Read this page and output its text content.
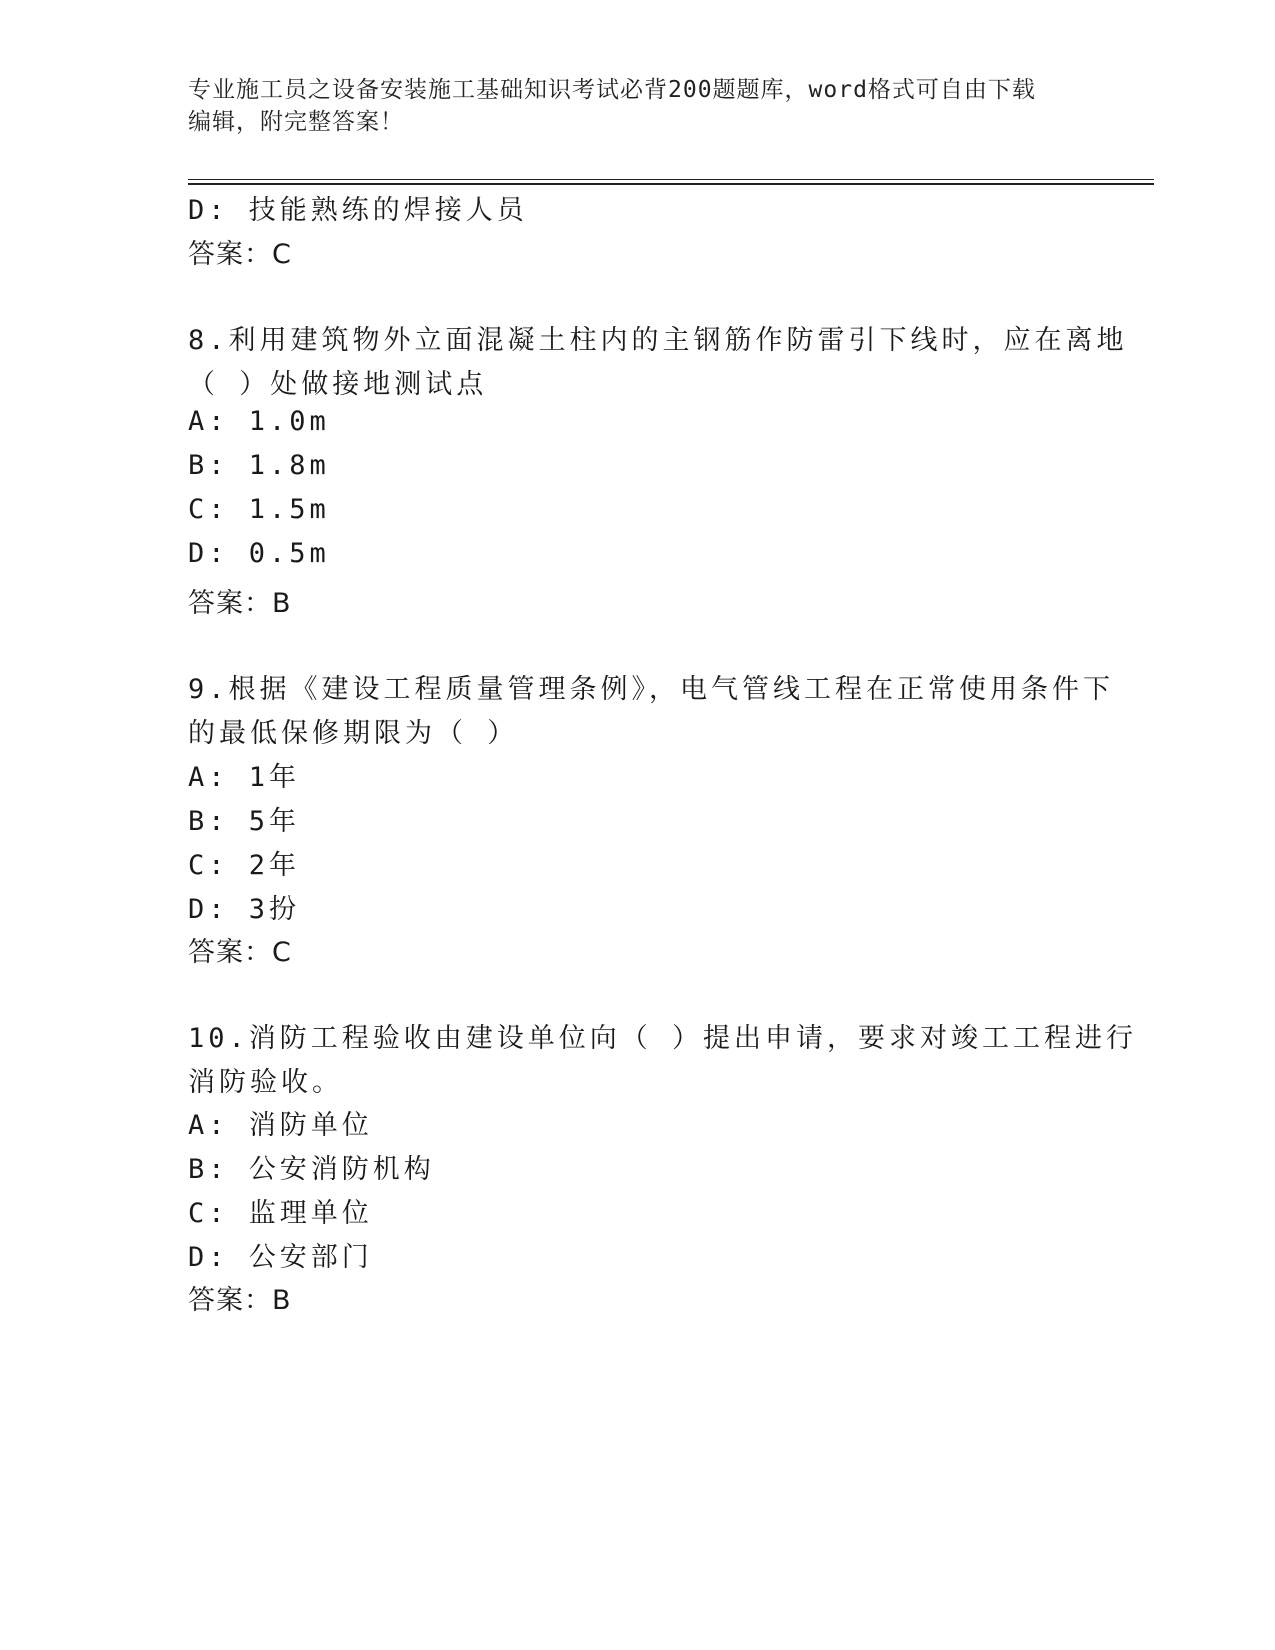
专业施工员之设备安装施工基础知识考试必背200题题库，word格式可自由下载
编辑，附完整答案！
D: 技能熟练的焊接人员
答案：C
8.利用建筑物外立面混凝土柱内的主钢筋作防雷引下线时，应在离地
（ ）处做接地测试点
A: 1.0m
B: 1.8m
C: 1.5m
D: 0.5m
答案：B
9.根据《建设工程质量管理条例》，电气管线工程在正常使用条件下
的最低保修期限为（ ）
A: 1年
B: 5年
C: 2年
D: 3扮
答案：C
10.消防工程验收由建设单位向（ ）提出申请，要求对竣工工程进行
消防验收。
A: 消防单位
B: 公安消防机构
C: 监理单位
D: 公安部门
答案：B
